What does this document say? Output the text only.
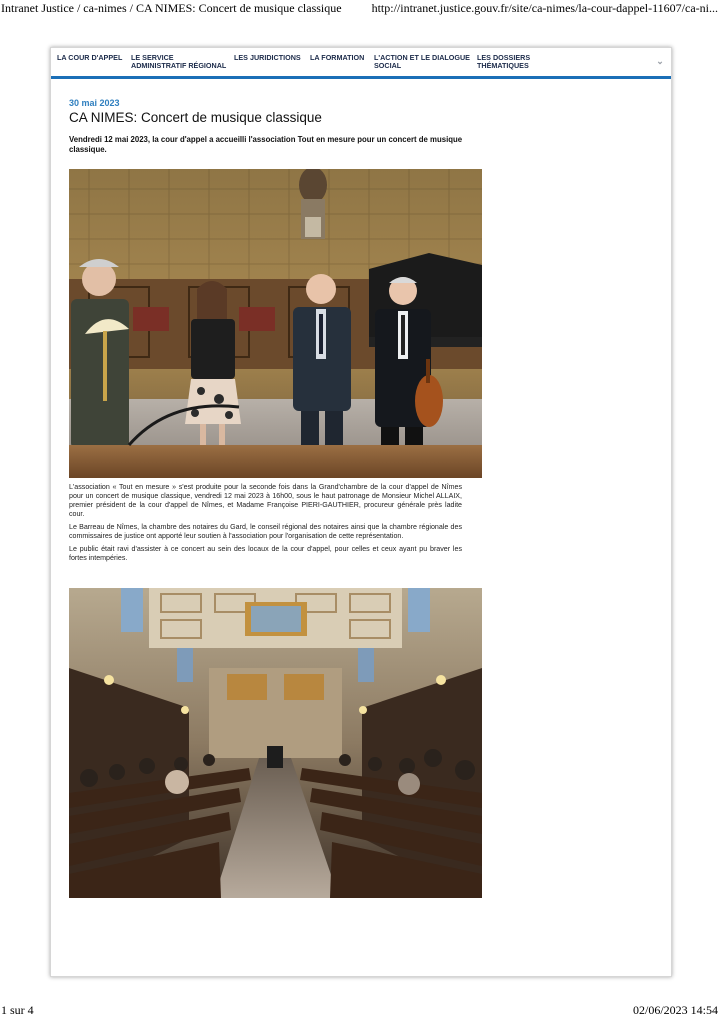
Intranet Justice / ca-nimes / CA NIMES: Concert de musique classique http://intranet.justice.gouv.fr/site/ca-nimes/la-cour-dappel-11607/ca-ni...
LA COUR D'APPEL	LE SERVICE ADMINISTRATIF RÉGIONAL
LES JURIDICTIONS	LA FORMATION	L'ACTION ET LE DIALOGUE SOCIAL
LES DOSSIERS THÉMATIQUES	⌄
30 mai 2023
CA NIMES: Concert de musique classique
Vendredi 12 mai 2023, la cour d'appel a accueilli l'association Tout en mesure pour un concert de musique classique.

L'association « Tout en mesure » s'est produite pour la seconde fois dans la Grand'chambre de la cour d'appel de Nîmes pour un concert de musique classique, vendredi 12 mai 2023 à 16h00, sous le haut patronage de Monsieur Michel ALLAIX, premier président de la cour d'appel de Nîmes, et Madame Françoise PIERI-GAUTHIER, procureur générale près ladite cour.

Le Barreau de Nîmes, la chambre des notaires du Gard, le conseil régional des notaires ainsi que la chambre régionale des commissaires de justice ont apporté leur soutien à l'association pour l'organisation de cette représentation.

Le public était ravi d'assister à ce concert au sein des locaux de la cour d'appel, pour celles et ceux ayant pu braver les fortes intempéries.

1 sur 4	02/06/2023 14:54
